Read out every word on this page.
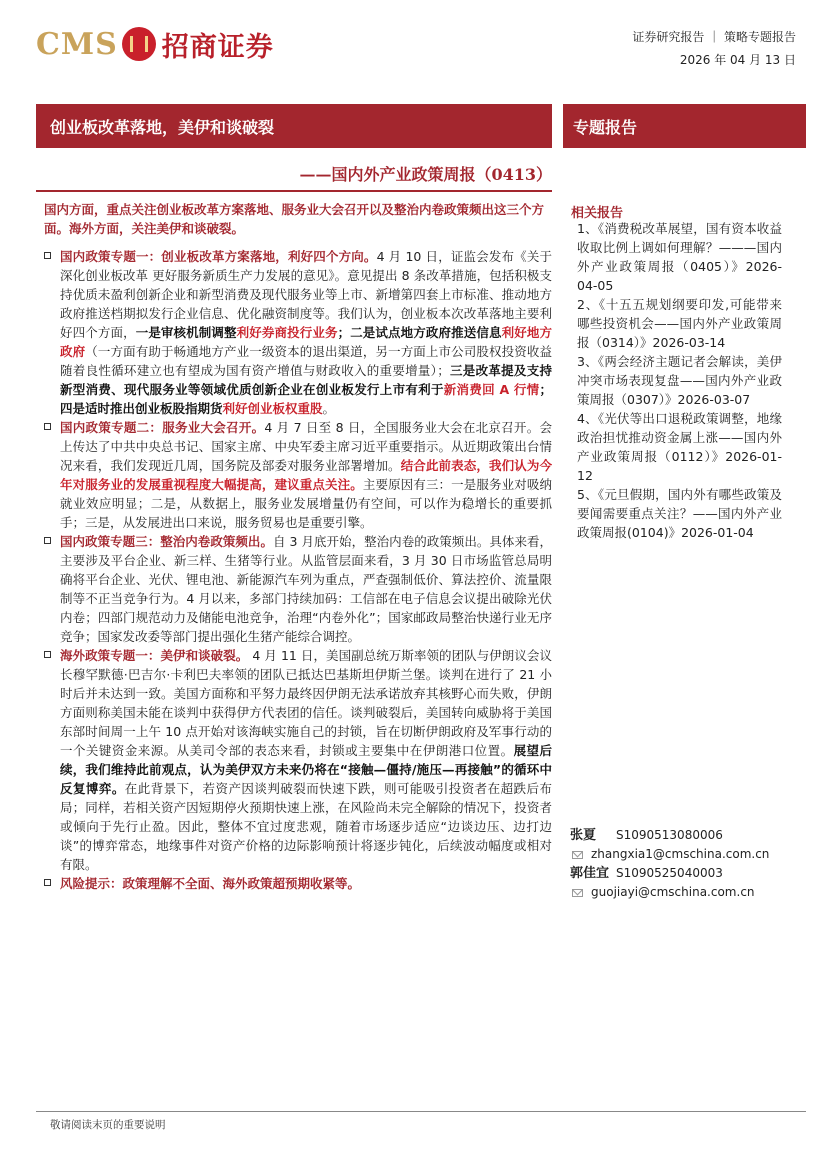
CMS 招商证券	证券研究报告 ｜ 策略专题报告
2026 年 04 月 13 日
创业板改革落地，美伊和谈破裂
——国内外产业政策周报（0413）
专题报告
国内方面，重点关注创业板改革方案落地、服务业大会召开以及整治内卷政策频出这三个方面。海外方面，关注美伊和谈破裂。
国内政策专题一：创业板改革方案落地，利好四个方向。4 月 10 日，证监会发布《关于深化创业板改革 更好服务新质生产力发展的意见》。意见提出 8 条改革措施，包括积极支持优质未盈利创新企业和新型消费及现代服务业等上市、新增第四套上市标准、推动地方政府推送档期拟发行企业信息、优化融资制度等。我们认为，创业板本次改革落地主要利好四个方面，一是审核机制调整利好券商投行业务；二是试点地方政府推送信息利好地方政府（一方面有助于畅通地方产业一级资本的退出渠道，另一方面上市公司股权投资收益随着良性循环建立也有望成为国有资产增值与财政收入的重要增量）；三是改革提及支持新型消费、现代服务业等领域优质创新企业在创业板发行上市有利于新消费回 A 行情； 四是适时推出创业板股指期货利好创业板权重股。
国内政策专题二：服务业大会召开。4 月 7 日至 8 日，全国服务业大会在北京召开。会上传达了中共中央总书记、国家主席、中央军委主席习近平重要指示。从近期政策出台情况来看，我们发现近几周，国务院及部委对服务业部署增加。结合此前表态，我们认为今年对服务业的发展重视程度大幅提高，建议重点关注。主要原因有三：一是服务业对吸纳就业效应明显；二是，从数据上，服务业发展增量仍有空间，可以作为稳增长的重要抓手；三是，从发展进出口来说，服务贸易也是重要引擎。
国内政策专题三：整治内卷政策频出。自 3 月底开始，整治内卷的政策频出。具体来看，主要涉及平台企业、新三样、生猪等行业。从监管层面来看，3 月 30 日市场监管总局明确将平台企业、光伏、锂电池、新能源汽车列为重点，严查强制低价、算法控价、流量限制等不正当竞争行为。4 月以来，多部门持续加码：工信部在电子信息会议提出破除光伏内卷；四部门规范动力及储能电池竞争，治理“内卷外化”；国家邮政局整治快递行业无序竞争；国家发改委等部门提出强化生猪产能综合调控。
海外政策专题一：美伊和谈破裂。 4 月 11 日，美国副总统万斯率领的团队与伊朗议会议长穆罕默德·巴吉尔·卡利巴夫率领的团队已抵达巴基斯坦伊斯兰堡。谈判在进行了 21 小时后并未达到一致。美国方面称和平努力最终因伊朗无法承诺放弃其核野心而失败，伊朗方面则称美国未能在谈判中获得伊方代表团的信任。谈判破裂后，美国转向威胁将于美国东部时间周一上午 10 点开始对该海峡实施自己的封锁，旨在切断伊朗政府及军事行动的一个关键资金来源。从美司令部的表态来看，封锁或主要集中在伊朗港口位置。展望后续，我们维持此前观点，认为美伊双方未来仍将在“接触—僵持/施压—再接触”的循环中反复博弈。在此背景下，若资产因谈判破裂而快速下跌，则可能吸引投资者在超跌后布局；同样，若相关资产因短期停火预期快速上涨，在风险尚未完全解除的情况下，投资者或倾向于先行止盈。因此，整体不宜过度悲观，随着市场逐步适应“边谈边压、边打边谈”的博弈常态，地缘事件对资产价格的边际影响预计将逐步钝化，后续波动幅度或相对有限。
风险提示：政策理解不全面、海外政策超预期收紧等。
相关报告
1、《消费税改革展望，国有资本收益收取比例上调如何理解？———国内外产业政策周报（0405）》2026-04-05
2、《十五五规划纲要印发,可能带来哪些投资机会——国内外产业政策周报（0314）》2026-03-14
3、《两会经济主题记者会解读，美伊冲突市场表现复盘——国内外产业政策周报（0307）》2026-03-07
4、《光伏等出口退税政策调整，地缘政治担忧推动资金属上涨——国内外产业政策周报（0112）》2026-01-12
5、《元旦假期，国内外有哪些政策及要闻需要重点关注？——国内外产业政策周报(0104)》2026-01-04
张夏	S1090513080006
zhangxia1@cmschina.com.cn
郭佳宜 S1090525040003
guojiayi@cmschina.com.cn
敬请阅读末页的重要说明
